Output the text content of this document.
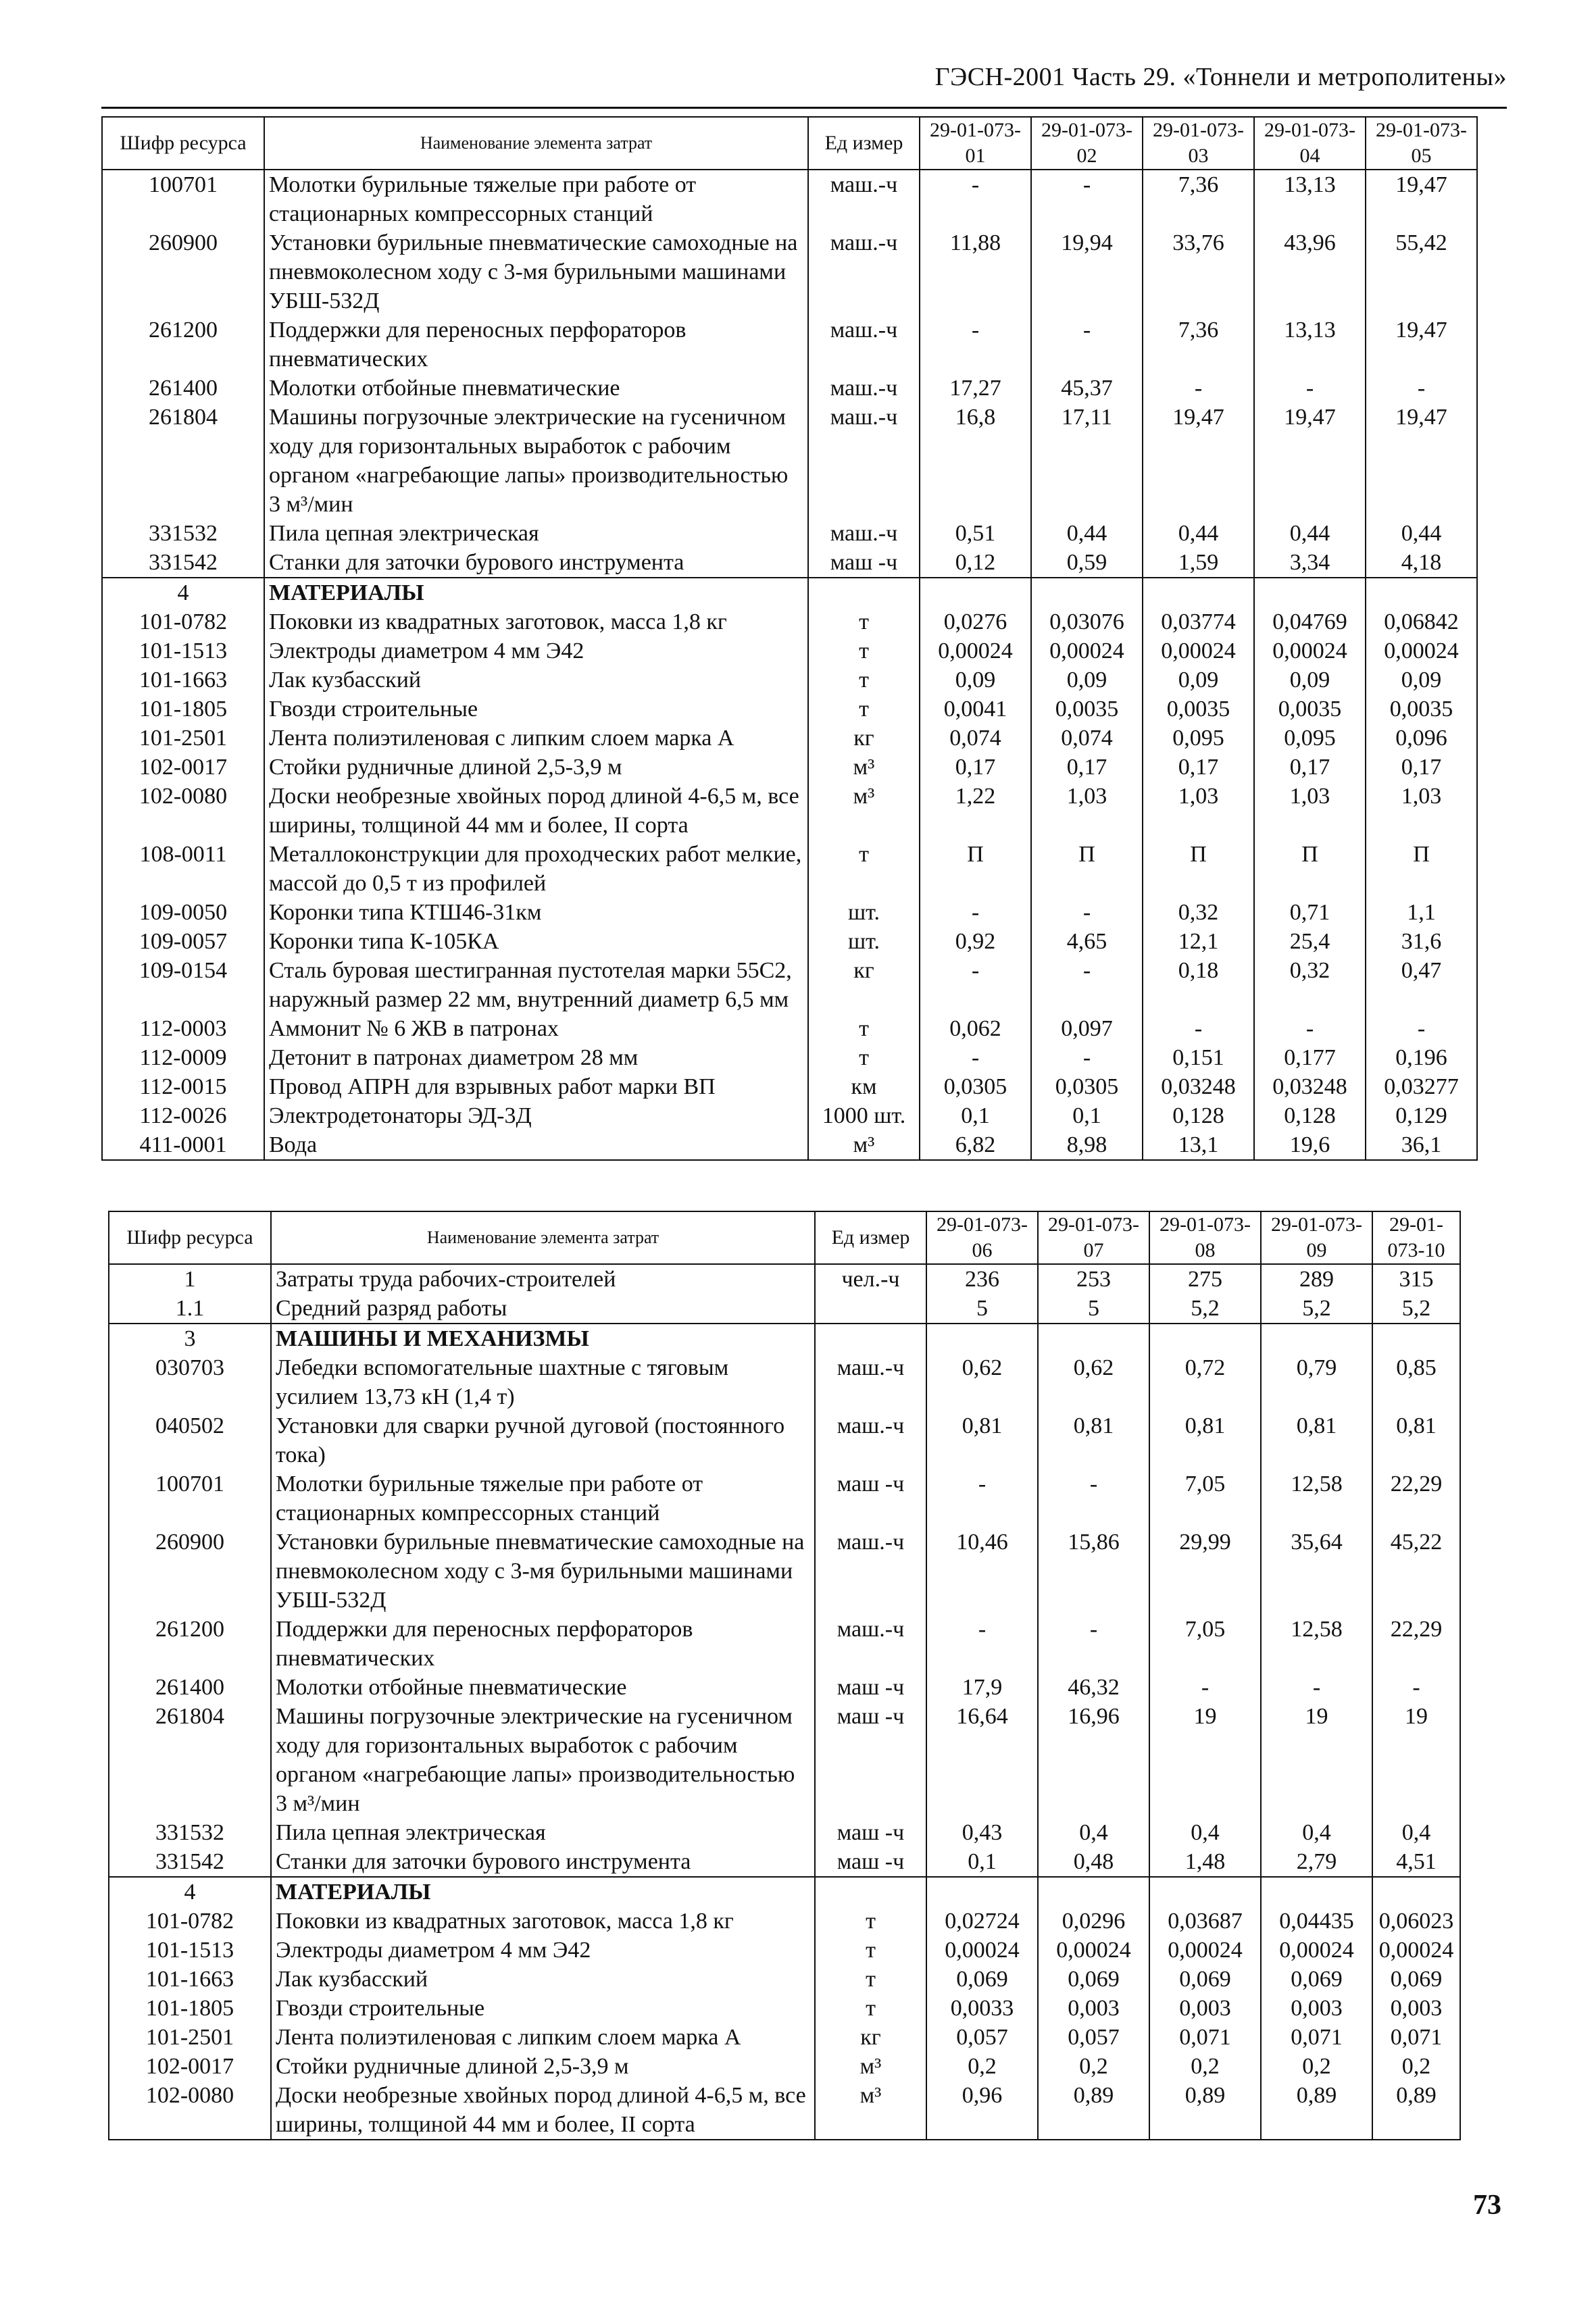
ГЭСН-2001 Часть 29. «Тоннели и метрополитены»
Шифр ресурса	Наименование элемента затрат	Ед измер	29-01-073-01	29-01-073-02	29-01-073-03	29-01-073-04	29-01-073-05
100701	Молотки бурильные тяжелые при работе от стационарных компрессорных станций	маш.-ч	-	-	7,36	13,13	19,47
260900	Установки бурильные пневматические самоходные на пневмоколесном ходу с 3-мя бурильными машинами УБШ-532Д	маш.-ч	11,88	19,94	33,76	43,96	55,42
261200	Поддержки для переносных перфораторов пневматических	маш.-ч	-	-	7,36	13,13	19,47
261400	Молотки отбойные пневматические	маш.-ч	17,27	45,37	-	-	-
261804	Машины погрузочные электрические на гусеничном ходу для горизонтальных выработок с рабочим органом «нагребающие лапы» производительностью 3 м³/мин	маш.-ч	16,8	17,11	19,47	19,47	19,47
331532	Пила цепная электрическая	маш.-ч	0,51	0,44	0,44	0,44	0,44
331542	Станки для заточки бурового инструмента	маш -ч	0,12	0,59	1,59	3,34	4,18
4	МАТЕРИАЛЫ						
101-0782	Поковки из квадратных заготовок, масса 1,8 кг	т	0,0276	0,03076	0,03774	0,04769	0,06842
101-1513	Электроды диаметром 4 мм Э42	т	0,00024	0,00024	0,00024	0,00024	0,00024
101-1663	Лак кузбасский	т	0,09	0,09	0,09	0,09	0,09
101-1805	Гвозди строительные	т	0,0041	0,0035	0,0035	0,0035	0,0035
101-2501	Лента полиэтиленовая с липким слоем марка А	кг	0,074	0,074	0,095	0,095	0,096
102-0017	Стойки рудничные длиной 2,5-3,9 м	м³	0,17	0,17	0,17	0,17	0,17
102-0080	Доски необрезные хвойных пород длиной 4-6,5 м, все ширины, толщиной 44 мм и более, II сорта	м³	1,22	1,03	1,03	1,03	1,03
108-0011	Металлоконструкции для проходческих работ мелкие, массой до 0,5 т из профилей	т	П	П	П	П	П
109-0050	Коронки типа КТШ46-31км	шт.	-	-	0,32	0,71	1,1
109-0057	Коронки типа К-105КА	шт.	0,92	4,65	12,1	25,4	31,6
109-0154	Сталь буровая шестигранная пустотелая марки 55С2, наружный размер 22 мм, внутренний диаметр 6,5 мм	кг	-	-	0,18	0,32	0,47
112-0003	Аммонит № 6 ЖВ в патронах	т	0,062	0,097	-	-	-
112-0009	Детонит в патронах диаметром 28 мм	т	-	-	0,151	0,177	0,196
112-0015	Провод АПРН для взрывных работ марки ВП	км	0,0305	0,0305	0,03248	0,03248	0,03277
112-0026	Электродетонаторы ЭД-3Д	1000 шт.	0,1	0,1	0,128	0,128	0,129
411-0001	Вода	м³	6,82	8,98	13,1	19,6	36,1
Шифр ресурса	Наименование элемента затрат	Ед измер	29-01-073-06	29-01-073-07	29-01-073-08	29-01-073-09	29-01-073-10
1	Затраты труда рабочих-строителей	чел.-ч	236	253	275	289	315
1.1	Средний разряд работы		5	5	5,2	5,2	5,2
3	МАШИНЫ И МЕХАНИЗМЫ						
030703	Лебедки вспомогательные шахтные с тяговым усилием 13,73 кН (1,4 т)	маш.-ч	0,62	0,62	0,72	0,79	0,85
040502	Установки для сварки ручной дуговой (постоянного тока)	маш.-ч	0,81	0,81	0,81	0,81	0,81
100701	Молотки бурильные тяжелые при работе от стационарных компрессорных станций	маш -ч	-	-	7,05	12,58	22,29
260900	Установки бурильные пневматические самоходные на пневмоколесном ходу с 3-мя бурильными машинами УБШ-532Д	маш.-ч	10,46	15,86	29,99	35,64	45,22
261200	Поддержки для переносных перфораторов пневматических	маш.-ч	-	-	7,05	12,58	22,29
261400	Молотки отбойные пневматические	маш -ч	17,9	46,32	-	-	-
261804	Машины погрузочные электрические на гусеничном ходу для горизонтальных выработок с рабочим органом «нагребающие лапы» производительностью 3 м³/мин	маш -ч	16,64	16,96	19	19	19
331532	Пила цепная электрическая	маш -ч	0,43	0,4	0,4	0,4	0,4
331542	Станки для заточки бурового инструмента	маш -ч	0,1	0,48	1,48	2,79	4,51
4	МАТЕРИАЛЫ						
101-0782	Поковки из квадратных заготовок, масса 1,8 кг	т	0,02724	0,0296	0,03687	0,04435	0,06023
101-1513	Электроды диаметром 4 мм Э42	т	0,00024	0,00024	0,00024	0,00024	0,00024
101-1663	Лак кузбасский	т	0,069	0,069	0,069	0,069	0,069
101-1805	Гвозди строительные	т	0,0033	0,003	0,003	0,003	0,003
101-2501	Лента полиэтиленовая с липким слоем марка А	кг	0,057	0,057	0,071	0,071	0,071
102-0017	Стойки рудничные длиной 2,5-3,9 м	м³	0,2	0,2	0,2	0,2	0,2
102-0080	Доски необрезные хвойных пород длиной 4-6,5 м, все ширины, толщиной 44 мм и более, II сорта	м³	0,96	0,89	0,89	0,89	0,89
73
